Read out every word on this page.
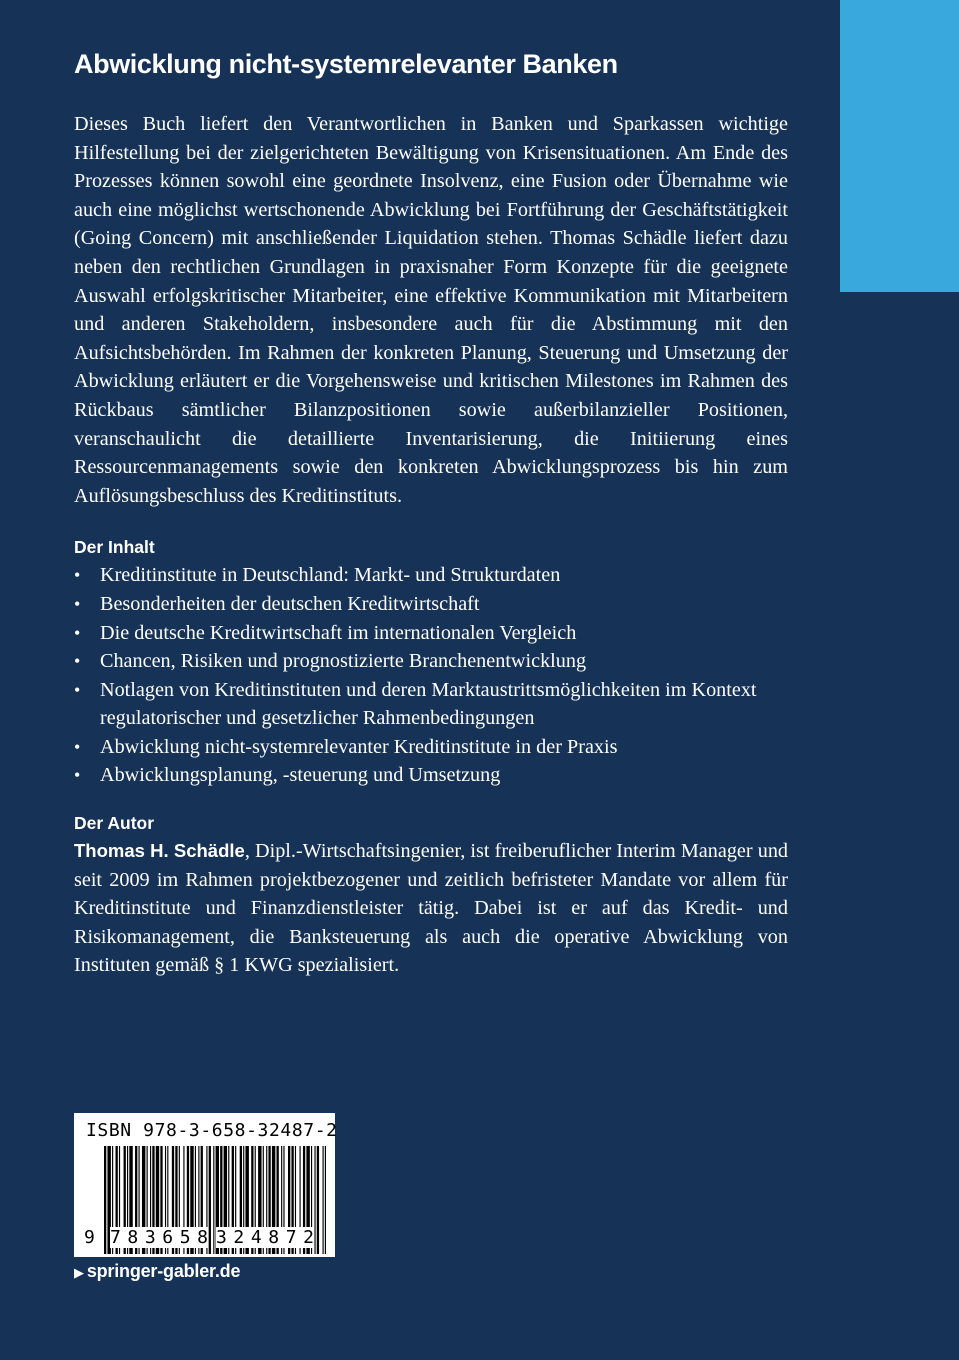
Abwicklung nicht-systemrelevanter Banken

Dieses Buch liefert den Verantwortlichen in Banken und Sparkassen wichtige Hilfestellung bei der zielgerichteten Bewältigung von Krisensituationen. Am Ende des Prozesses können sowohl eine geordnete Insolvenz, eine Fusion oder Übernahme wie auch eine möglichst wertschonende Abwicklung bei Fortführung der Geschäftstätigkeit (Going Concern) mit anschließender Liquidation stehen. Thomas Schädle liefert dazu neben den rechtlichen Grundlagen in praxisnaher Form Konzepte für die geeignete Auswahl erfolgskritischer Mitarbeiter, eine effektive Kommunikation mit Mitarbeitern und anderen Stakeholdern, insbesondere auch für die Abstimmung mit den Aufsichtsbehörden. Im Rahmen der konkreten Planung, Steuerung und Umsetzung der Abwicklung erläutert er die Vorgehensweise und kritischen Milestones im Rahmen des Rückbaus sämtlicher Bilanzpositionen sowie außerbilanzieller Positionen, veranschaulicht die detaillierte Inventarisierung, die Initiierung eines Ressourcenmanagements sowie den konkreten Abwicklungsprozess bis hin zum Auflösungsbeschluss des Kreditinstituts.

Der Inhalt
• Kreditinstitute in Deutschland: Markt- und Strukturdaten
• Besonderheiten der deutschen Kreditwirtschaft
• Die deutsche Kreditwirtschaft im internationalen Vergleich
• Chancen, Risiken und prognostizierte Branchenentwicklung
• Notlagen von Kreditinstituten und deren Marktaustrittsmöglichkeiten im Kontext regulatorischer und gesetzlicher Rahmenbedingungen
• Abwicklung nicht-systemrelevanter Kreditinstitute in der Praxis
• Abwicklungsplanung, -steuerung und Umsetzung
Der Autor

Thomas H. Schädle, Dipl.-Wirtschaftsingenier, ist freiberuflicher Interim Manager und seit 2009 im Rahmen projektbezogener und zeitlich befristeter Mandate vor allem für Kreditinstitute und Finanzdienstleister tätig. Dabei ist er auf das Kredit- und Risikomanagement, die Banksteuerung als auch die operative Abwicklung von Instituten gemäß § 1 KWG spezialisiert.

ISBN 978-3-658-32487-2
9 7 8 3 6 5 8 3 2 4 8 7 2
▶ springer-gabler.de
